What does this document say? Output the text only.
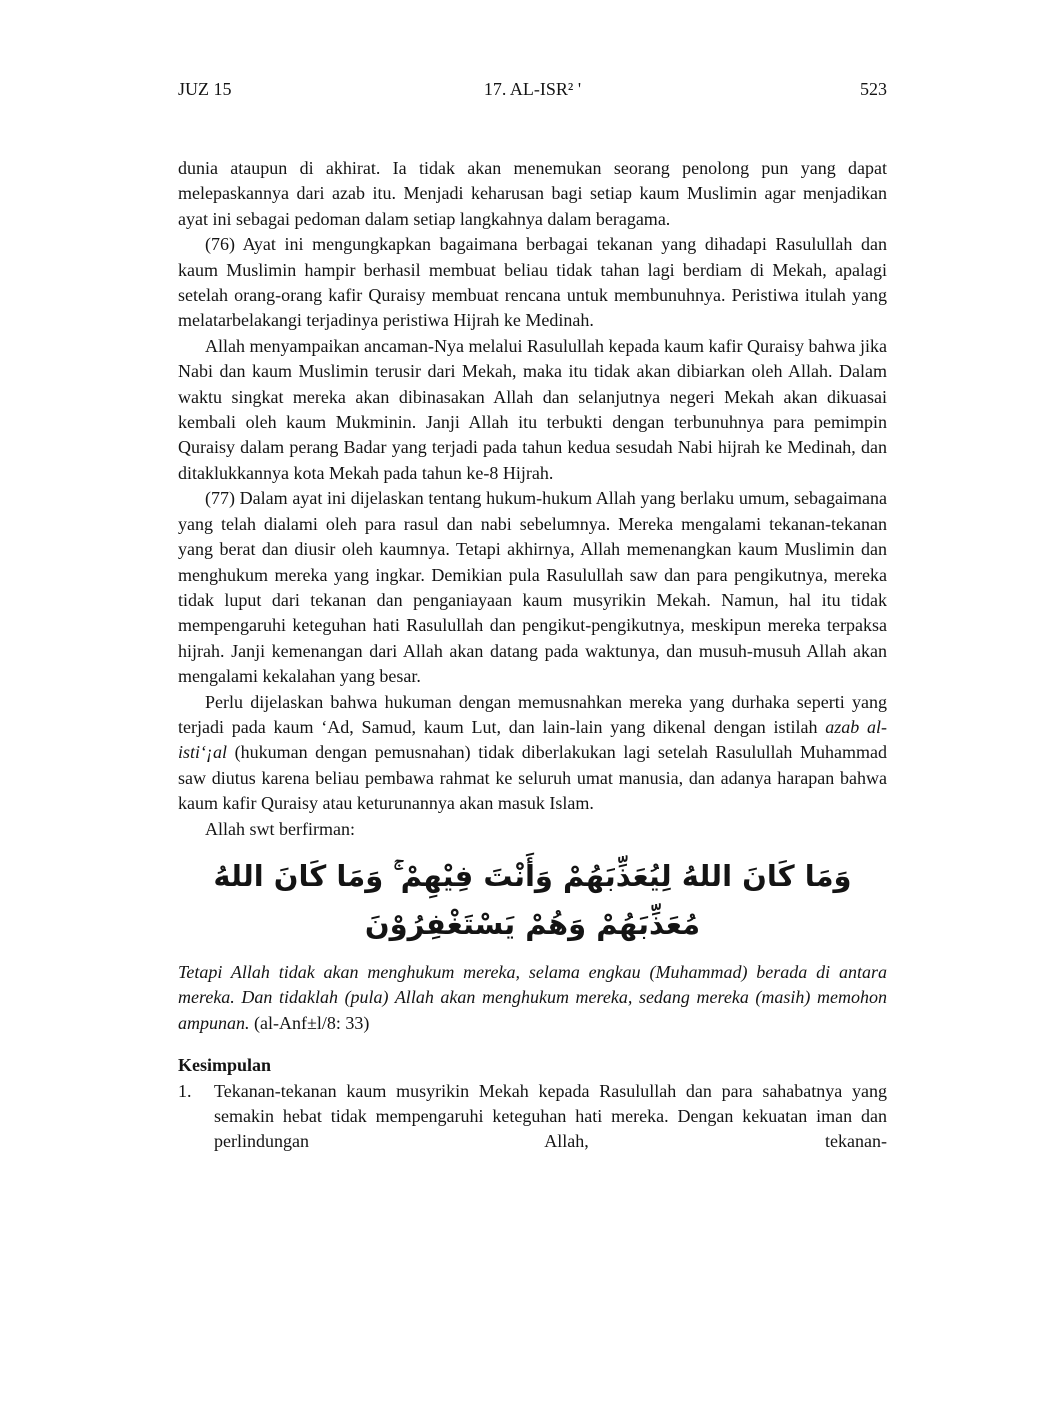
JUZ 15	17. AL-ISR² '	523

dunia ataupun di akhirat. Ia tidak akan menemukan seorang penolong pun yang dapat melepaskannya dari azab itu. Menjadi keharusan bagi setiap kaum Muslimin agar menjadikan ayat ini sebagai pedoman dalam setiap langkahnya dalam beragama.

(76) Ayat ini mengungkapkan bagaimana berbagai tekanan yang dihadapi Rasulullah dan kaum Muslimin hampir berhasil membuat beliau tidak tahan lagi berdiam di Mekah, apalagi setelah orang-orang kafir Quraisy membuat rencana untuk membunuhnya. Peristiwa itulah yang melatarbelakangi terjadinya peristiwa Hijrah ke Medinah.

Allah menyampaikan ancaman-Nya melalui Rasulullah kepada kaum kafir Quraisy bahwa jika Nabi dan kaum Muslimin terusir dari Mekah, maka itu tidak akan dibiarkan oleh Allah. Dalam waktu singkat mereka akan dibinasakan Allah dan selanjutnya negeri Mekah akan dikuasai kembali oleh kaum Mukminin. Janji Allah itu terbukti dengan terbunuhnya para pemimpin Quraisy dalam perang Badar yang terjadi pada tahun kedua sesudah Nabi hijrah ke Medinah, dan ditaklukkannya kota Mekah pada tahun ke-8 Hijrah.

(77) Dalam ayat ini dijelaskan tentang hukum-hukum Allah yang berlaku umum, sebagaimana yang telah dialami oleh para rasul dan nabi sebelumnya. Mereka mengalami tekanan-tekanan yang berat dan diusir oleh kaumnya. Tetapi akhirnya, Allah memenangkan kaum Muslimin dan menghukum mereka yang ingkar. Demikian pula Rasulullah saw dan para pengikutnya, mereka tidak luput dari tekanan dan penganiayaan kaum musyrikin Mekah. Namun, hal itu tidak mempengaruhi keteguhan hati Rasulullah dan pengikut-pengikutnya, meskipun mereka terpaksa hijrah. Janji kemenangan dari Allah akan datang pada waktunya, dan musuh-musuh Allah akan mengalami kekalahan yang besar.

Perlu dijelaskan bahwa hukuman dengan memusnahkan mereka yang durhaka seperti yang terjadi pada kaum ‘Ad, Samud, kaum Lut, dan lain-lain yang dikenal dengan istilah azab al-isti‘¡al (hukuman dengan pemusnahan) tidak diberlakukan lagi setelah Rasulullah Muhammad saw diutus karena beliau pembawa rahmat ke seluruh umat manusia, dan adanya harapan bahwa kaum kafir Quraisy atau keturunannya akan masuk Islam.

Allah swt berfirman:

وَمَا كَانَ اللهُ لِيُعَذِّبَهُمْ وَأَنْتَ فِيْهِمْ ۚ وَمَا كَانَ اللهُ مُعَذِّبَهُمْ وَهُمْ يَسْتَغْفِرُوْنَ

Tetapi Allah tidak akan menghukum mereka, selama engkau (Muhammad) berada di antara mereka. Dan tidaklah (pula) Allah akan menghukum mereka, sedang mereka (masih) memohon ampunan. (al-Anf±l/8: 33)

Kesimpulan

1.	Tekanan-tekanan kaum musyrikin Mekah kepada Rasulullah dan para sahabatnya yang semakin hebat tidak mempengaruhi keteguhan hati mereka. Dengan kekuatan iman dan perlindungan Allah, tekanan-
